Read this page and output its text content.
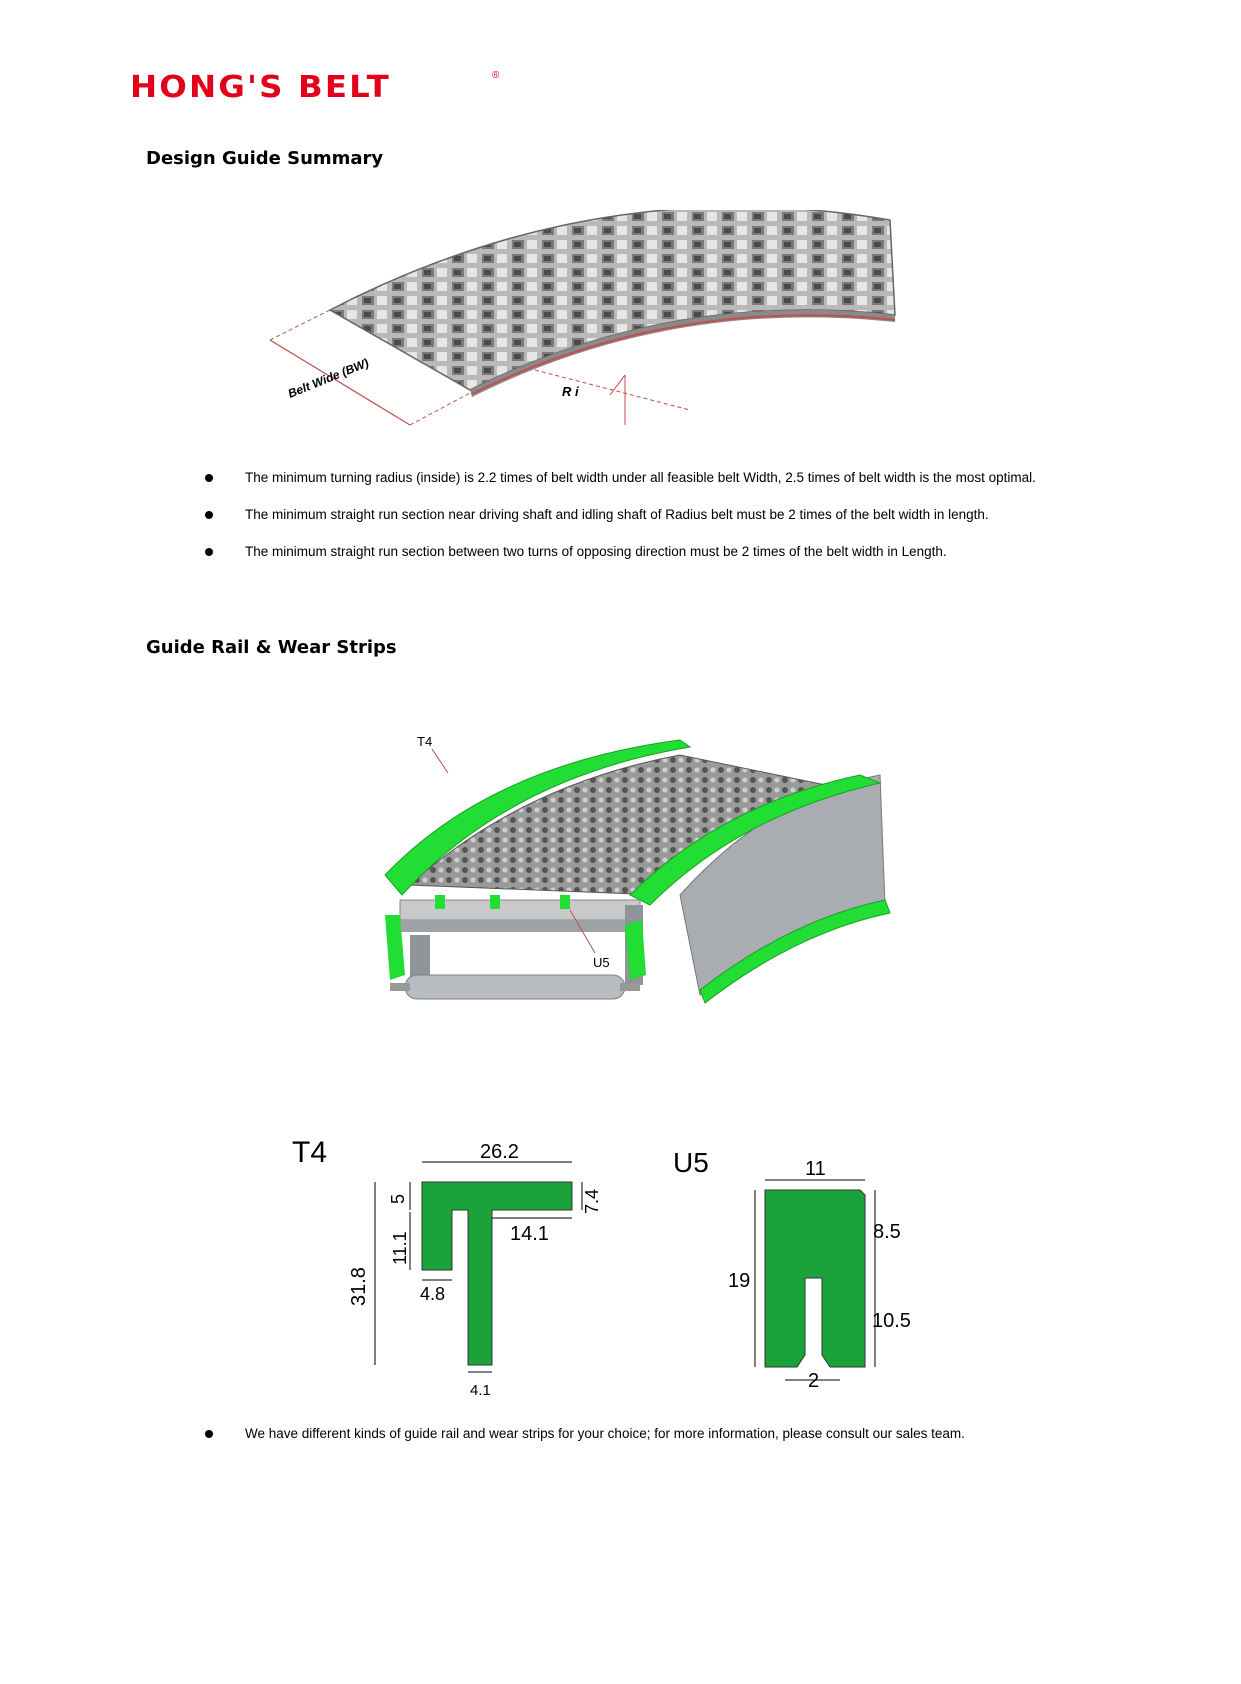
HONG'S BELT	®
Design Guide Summary
Belt Wide (BW)	R i
The minimum turning radius (inside) is 2.2 times of belt width under all feasible belt Width, 2.5 times of belt width is the most optimal.
The minimum straight run section near driving shaft and idling shaft of Radius belt must be 2 times of the belt width in length.
The minimum straight run section between two turns of opposing direction must be 2 times of the belt width in Length.
Guide Rail & Wear Strips
T4
U5
T4	26.2
5
11.1
31.8
7.4
14.1
4.8
4.1
U5	11
8.5
10.5
19
2
We have different kinds of guide rail and wear strips for your choice; for more information, please consult our sales team.
